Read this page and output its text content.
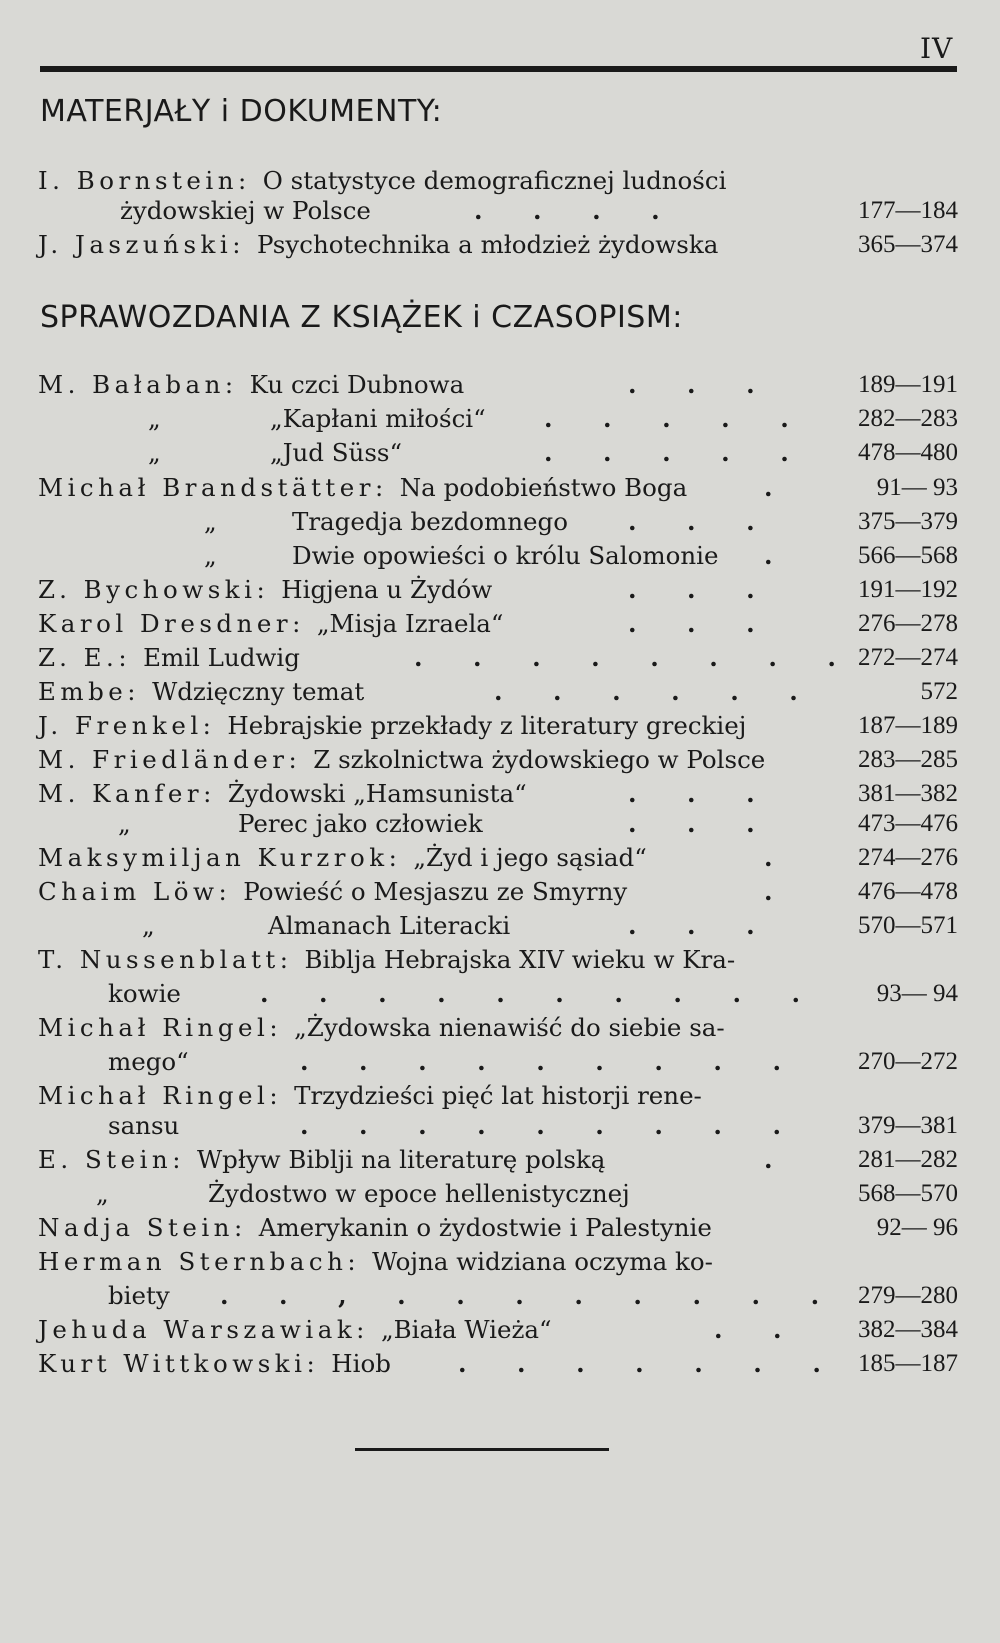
IV
MATERJAŁY i DOKUMENTY:
I. Bornstein: O statystyce demograficznej ludności
żydowskiej w Polsce	. . . .	177—184
J. Jaszuński: Psychotechnika a młodzież żydowska	365—374
SPRAWOZDANIA Z KSIĄŻEK i CZASOPISM:
M. Bałaban: Ku czci Dubnowa	. . .	189—191
„	„Kapłani miłości“ . . . . .	282—283
„	„Jud Süss“	. . . . .	478—480
Michał Brandstätter: Na podobieństwo Boga	.	91— 93
„	Tragedja bezdomnego . . .	375—379
„	Dwie opowieści o królu Salomonie .	566—568
Z. Bychowski: Higjena u Żydów	. . .	191—192
Karol Dresdner: „Misja Izraela“	. . .	276—278
Z. E.: Emil Ludwig	. . . . . . . . 272—274
Embe: Wdzięczny temat	. . . . . .	572
J. Frenkel: Hebrajskie przekłady z literatury greckiej	187—189
M. Friedländer: Z szkolnictwa żydowskiego w Polsce	283—285
M. Kanfer: Żydowski „Hamsunista“	. . .	381—382
„	Perec jako człowiek	. . .	473—476
Maksymiljan Kurzrok: „Żyd i jego sąsiad“	.	274—276
Chaim Löw: Powieść o Mesjaszu ze Smyrny	.	476—478
„	Almanach Literacki	. . .	570—571
T. Nussenblatt: Biblja Hebrajska XIV wieku w Kra-
kowie	. . . . . . . . . .	93— 94
Michał Ringel: „Żydowska nienawiść do siebie sa-
mego“	. . . . . . . . .	270—272
Michał Ringel: Trzydzieści pięć lat historji rene-
sansu	. . . . . . . . .	379—381
E. Stein: Wpływ Biblji na literaturę polską	.	281—282
„	Żydostwo w epoce hellenistycznej	568—570
Nadja Stein: Amerykanin o żydostwie i Palestynie	92— 96
Herman Sternbach: Wojna widziana oczyma ko-
biety . . , . . . . . . . . 279—280
Jehuda Warszawiak: „Biała Wieża“	. .	382—384
Kurt Wittkowski: Hiob	. . . . . . . 185—187
